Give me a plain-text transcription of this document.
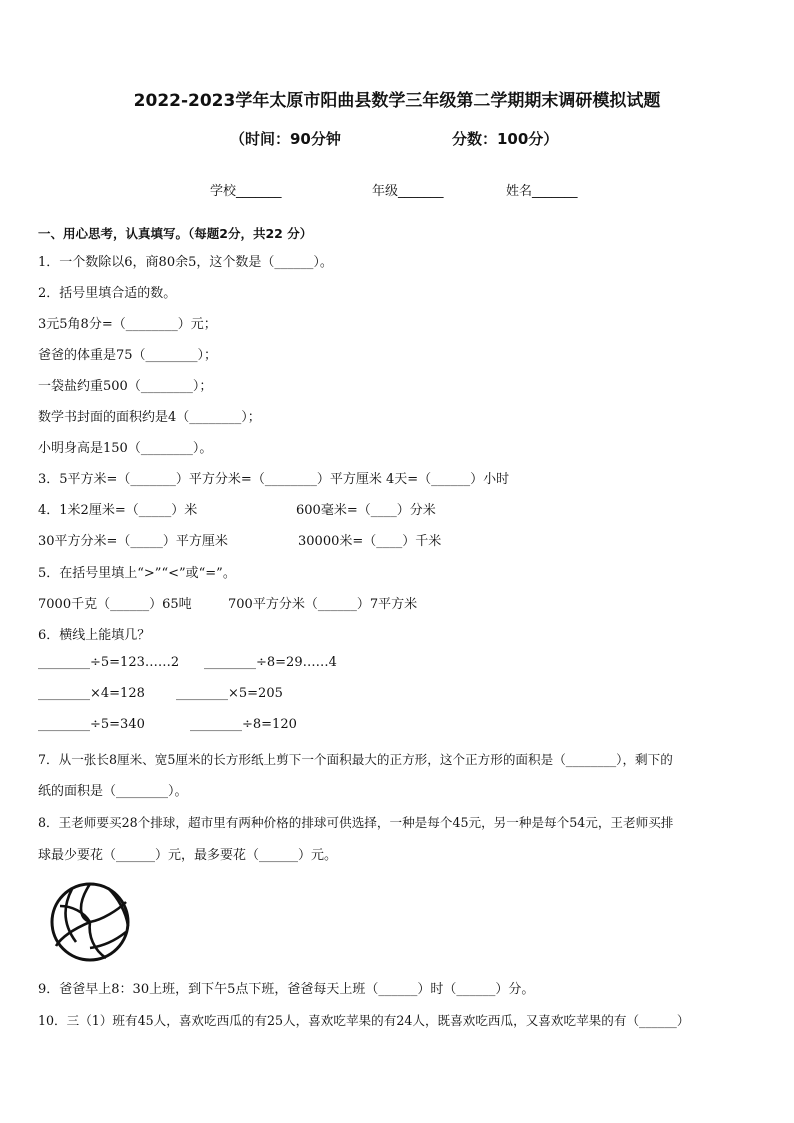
2022-2023学年太原市阳曲县数学三年级第二学期期末调研模拟试题
（时间：90分钟	分数：100分）
学校_______	年级_______	姓名_______
一、用心思考，认真填写。（每题2分，共22 分）
1．一个数除以6，商80余5，这个数是（______）。
2．括号里填合适的数。
3元5角8分=（________）元；
爸爸的体重是75（________）；
一袋盐约重500（________）；
数学书封面的面积约是4（________）；
小明身高是150（________）。
3．5平方米=（_______）平方分米=（________）平方厘米 4天=（______）小时
4．1米2厘米=（_____）米	600毫米=（____）分米
30平方分米=（_____）平方厘米	30000米=（____）千米
5．在括号里填上“>”“<”或“=”。
7000千克（______）65吨	700平方分米（______）7平方米
6．横线上能填几？
________÷5=123……2 ________÷8=29……4
________×4=128 ________×5=205
________÷5=340	________÷8=120
7．从一张长8厘米、宽5厘米的长方形纸上剪下一个面积最大的正方形，这个正方形的面积是（________），剩下的
纸的面积是（________）。
8．王老师要买28个排球，超市里有两种价格的排球可供选择，一种是每个45元，另一种是每个54元，王老师买排
球最少要花（______）元，最多要花（______）元。
9．爸爸早上8：30上班，到下午5点下班，爸爸每天上班（______）时（______）分。
10．三（1）班有45人，喜欢吃西瓜的有25人，喜欢吃苹果的有24人，既喜欢吃西瓜，又喜欢吃苹果的有（______）
